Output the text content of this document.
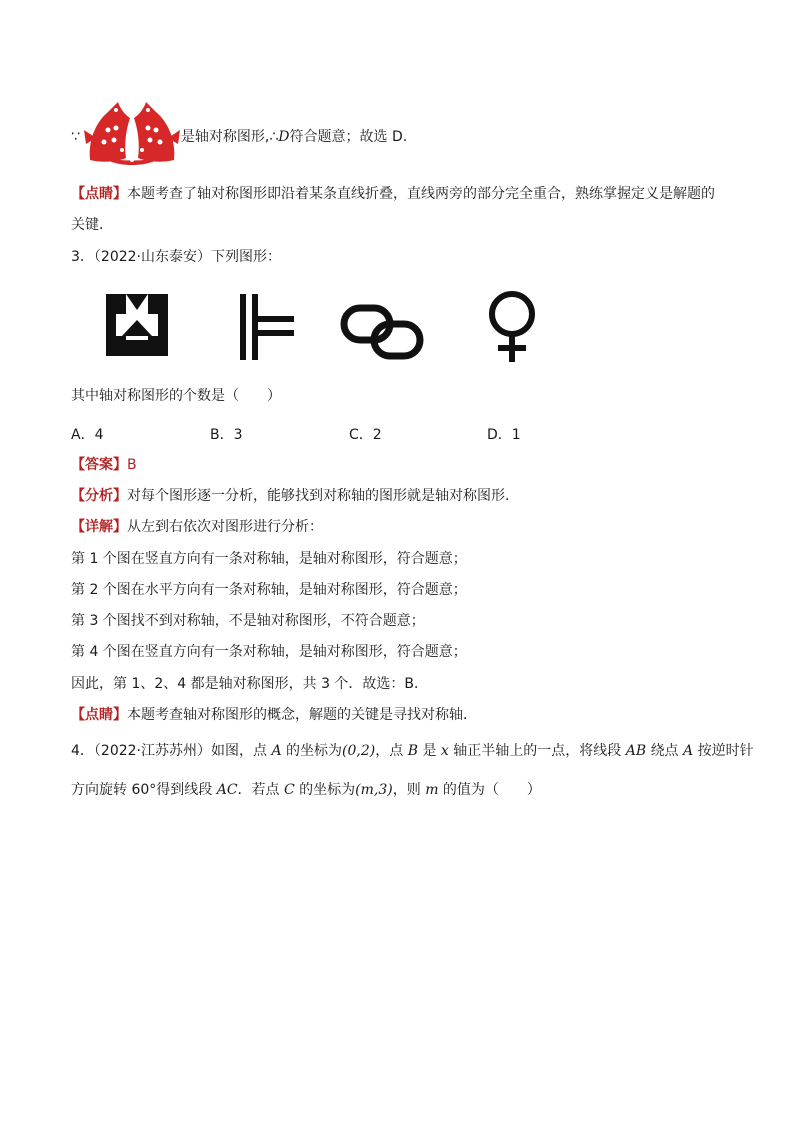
∵	是轴对称图形,∴D符合题意；故选 D.
【点睛】本题考查了轴对称图形即沿着某条直线折叠，直线两旁的部分完全重合，熟练掌握定义是解题的
关键．
3．（2022·山东泰安）下列图形：
其中轴对称图形的个数是（　　）
A．4	B．3	C．2	D．1
【答案】B
【分析】对每个图形逐一分析，能够找到对称轴的图形就是轴对称图形．
【详解】从左到右依次对图形进行分析：
第 1 个图在竖直方向有一条对称轴，是轴对称图形，符合题意；
第 2 个图在水平方向有一条对称轴，是轴对称图形，符合题意；
第 3 个图找不到对称轴，不是轴对称图形，不符合题意；
第 4 个图在竖直方向有一条对称轴，是轴对称图形，符合题意；
因此，第 1、2、4 都是轴对称图形，共 3 个．故选：B．
【点睛】本题考查轴对称图形的概念，解题的关键是寻找对称轴．
4．（2022·江苏苏州）如图，点 A 的坐标为(0,2)，点 B 是 x 轴正半轴上的一点，将线段 AB 绕点 A 按逆时针
方向旋转 60°得到线段 AC．若点 C 的坐标为(m,3)，则 m 的值为（　　）
